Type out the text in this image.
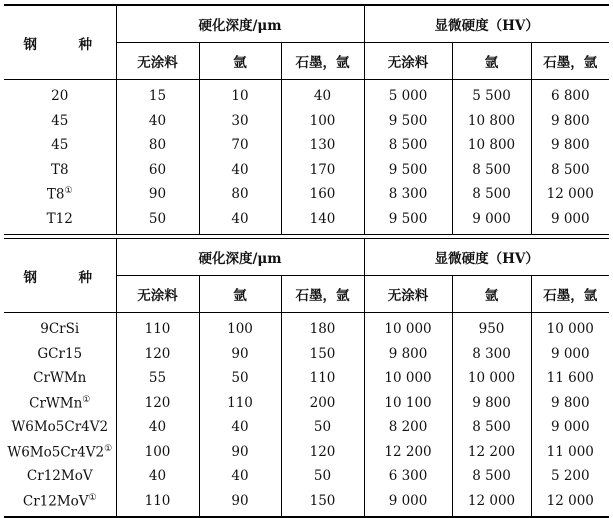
钢　种	硬化深度/μm			显微硬度（HV）		
	无涂料	氩	石墨，氩	无涂料	氩	石墨，氩
20	15	10	40	5 000	5 500	6 800
45	40	30	100	9 500	10 800	9 800
45	80	70	130	8 500	10 800	9 800
T8	60	40	170	9 500	8 500	8 500
T8①	90	80	160	8 300	8 500	12 000
T12	50	40	140	9 500	9 000	9 000

钢　种	硬化深度/μm			显微硬度（HV）		
	无涂料	氩	石墨，氩	无涂料	氩	石墨，氩
9CrSi	110	100	180	10 000	950	10 000
GCr15	120	90	150	9 800	8 300	9 000
CrWMn	55	50	110	10 000	10 000	11 600
CrWMn①	120	110	200	10 100	9 800	9 800
W6Mo5Cr4V2	40	40	50	8 200	8 500	9 000
W6Mo5Cr4V2①	100	90	120	12 200	12 200	11 000
Cr12MoV	40	40	50	6 300	8 500	5 200
Cr12MoV①	110	90	150	9 000	12 000	12 000
